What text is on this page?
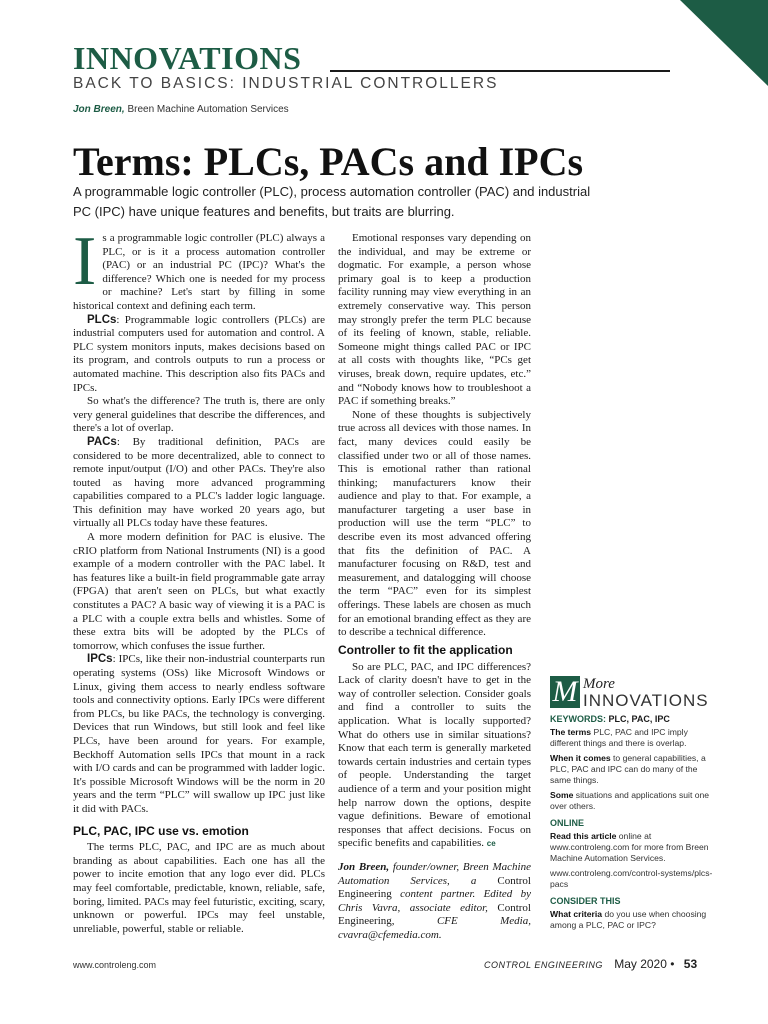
INNOVATIONS
BACK TO BASICS: INDUSTRIAL CONTROLLERS
Jon Breen, Breen Machine Automation Services
Terms: PLCs, PACs and IPCs

A programmable logic controller (PLC), process automation controller (PAC) and industrial PC (IPC) have unique features and benefits, but traits are blurring.

Is a programmable logic controller (PLC) always a PLC, or is it a process automation controller (PAC) or an industrial PC (IPC)? What's the difference? Which one is needed for my process or machine? Let's start by filling in some historical context and defining each term.

PLCs: Programmable logic controllers (PLCs) are industrial computers used for automation and control. A PLC system monitors inputs, makes decisions based on its program, and controls outputs to run a process or automated machine. This description also fits PACs and IPCs.

So what's the difference? The truth is, there are only very general guidelines that describe the differences, and there's a lot of overlap.

PACs: By traditional definition, PACs are considered to be more decentralized, able to connect to remote input/output (I/O) and other PACs. They're also touted as having more advanced programming capabilities compared to a PLC's ladder logic language. This definition may have worked 20 years ago, but virtually all PLCs today have these features.

A more modern definition for PAC is elusive. The cRIO platform from National Instruments (NI) is a good example of a modern controller with the PAC label. It has features like a built-in field programmable gate array (FPGA) that aren't seen on PLCs, but what exactly constitutes a PAC? A basic way of viewing it is a PAC is a PLC with a couple extra bells and whistles. Some of these extra bits will be adopted by the PLCs of tomorrow, which confuses the issue further.

IPCs: IPCs, like their non-industrial counterparts run operating systems (OSs) like Microsoft Windows or Linux, giving them access to nearly endless software tools and connectivity options. Early IPCs were different from PLCs, bu like PACs, the technology is converging. Devices that run Windows, but still look and feel like PLCs, have been around for years. For example, Beckhoff Automation sells IPCs that mount in a rack with I/O cards and can be programmed with ladder logic. It's possible Microsoft Windows will be the norm in 20 years and the term “PLC” will swallow up IPC just like it did with PACs.

PLC, PAC, IPC use vs. emotion

The terms PLC, PAC, and IPC are as much about branding as about capabilities. Each one has all the power to incite emotion that any logo ever did. PLCs may feel comfortable, predictable, known, reliable, safe, boring, limited. PACs may feel futuristic, exciting, scary, unknown or powerful. IPCs may feel unstable, unreliable, powerful, stable or reliable.

Emotional responses vary depending on the individual, and may be extreme or dogmatic. For example, a person whose primary goal is to keep a production facility running may view everything in an extremely conservative way. This person may strongly prefer the term PLC because of its feeling of known, stable, reliable. Someone might things called PAC or IPC at all costs with thoughts like, “PCs get viruses, break down, require updates, etc.” and “Nobody knows how to troubleshoot a PAC if something breaks.”

None of these thoughts is subjectively true across all devices with those names. In fact, many devices could easily be classified under two or all of those names. This is emotional rather than rational thinking; manufacturers know their audience and play to that. For example, a manufacturer targeting a user base in production will use the term “PLC” to describe even its most advanced offering that fits the definition of PAC. A manufacturer focusing on R&D, test and measurement, and datalogging will choose the term “PAC” even for its simplest offerings. These labels are chosen as much for an emotional branding effect as they are to describe a technical difference.

Controller to fit the application

So are PLC, PAC, and IPC differences? Lack of clarity doesn't have to get in the way of controller selection. Consider goals and find a controller to suits the application. What is locally supported? What do others use in similar situations? Know that each term is generally marketed towards certain industries and certain types of people. Understanding the target audience of a term and your position might help narrow down the options, despite vague definitions. Beware of emotional responses that affect decisions. Focus on specific benefits and capabilities. ce

Jon Breen, founder/owner, Breen Machine Automation Services, a Control Engineering content partner. Edited by Chris Vavra, associate editor, Control Engineering, CFE Media, cvavra@cfemedia.com.

M More
INNOVATIONS
KEYWORDS: PLC, PAC, IPC

The terms PLC, PAC and IPC imply different things and there is overlap.

When it comes to general capabilities, a PLC, PAC and IPC can do many of the same things.

Some situations and applications suit one over others.

ONLINE

Read this article online at www.controleng.com for more from Breen Machine Automation Services.

www.controleng.com/control-systems/plcs-pacs

CONSIDER THIS

What criteria do you use when choosing among a PLC, PAC or IPC?

www.controleng.com	CONTROL ENGINEERING May 2020 • 53
